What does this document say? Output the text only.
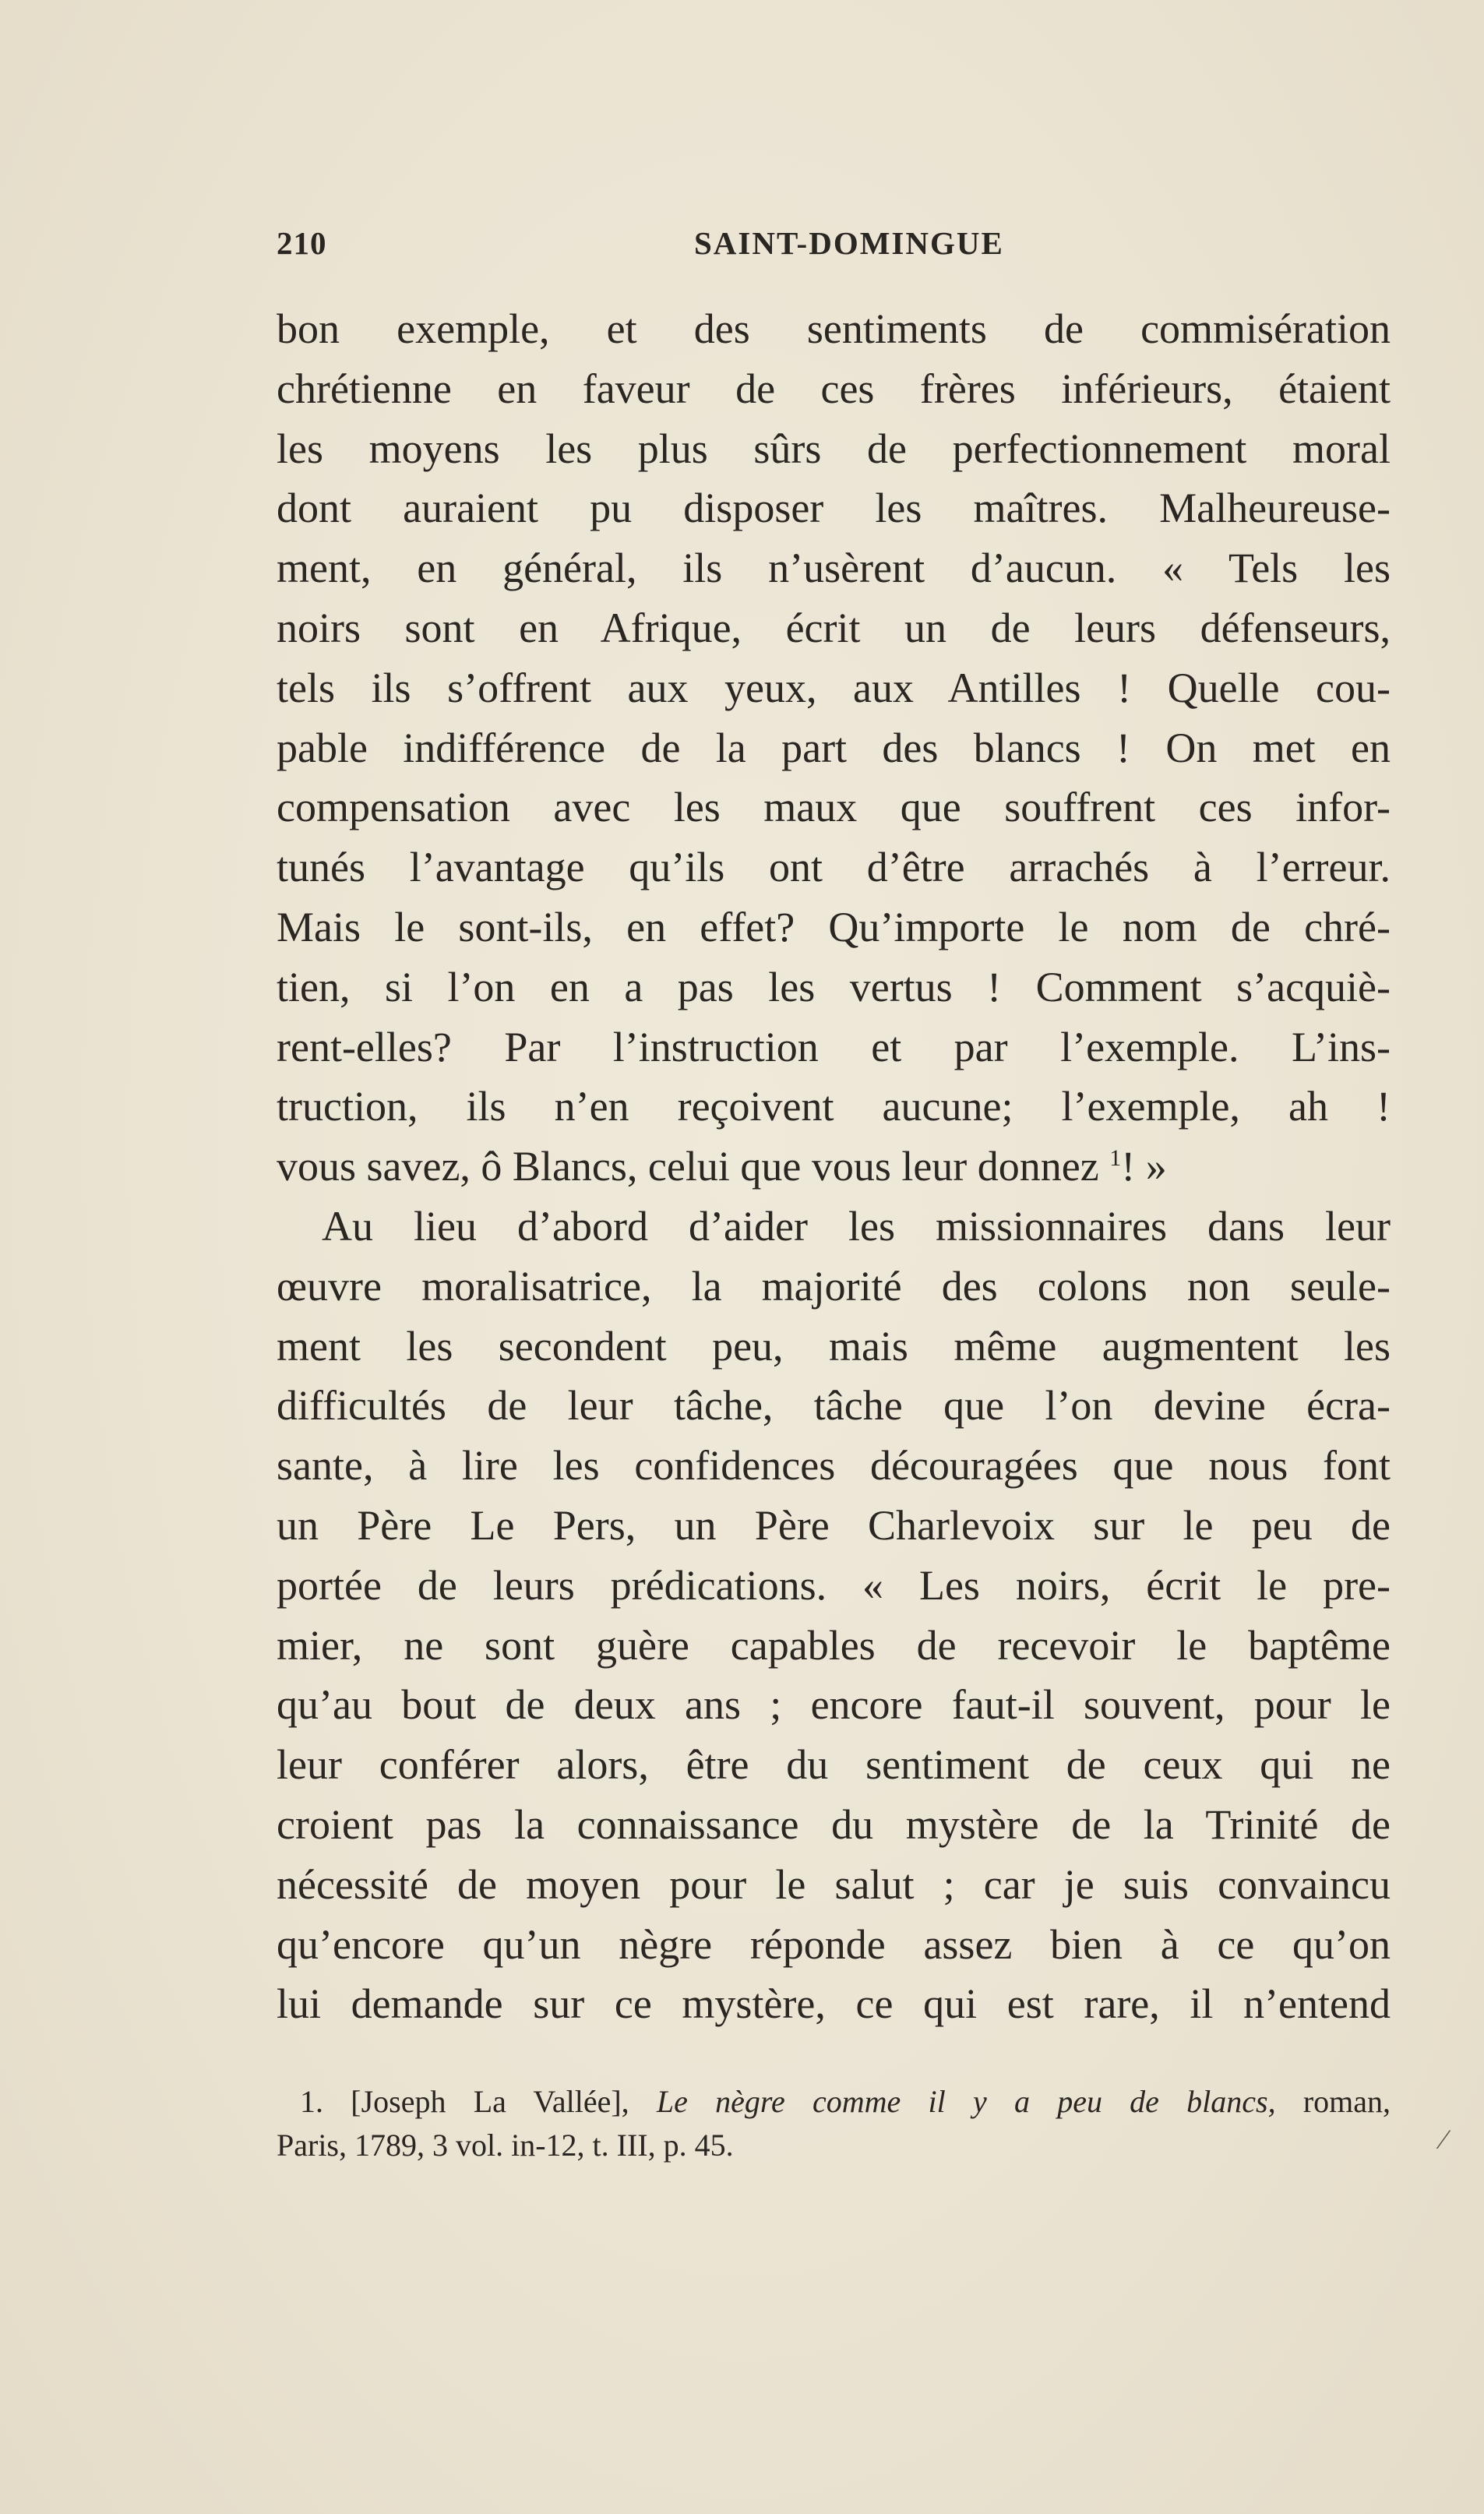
210	SAINT-DOMINGUE
bon exemple, et des sentiments de commisération
chrétienne en faveur de ces frères inférieurs, étaient
les moyens les plus sûrs de perfectionnement moral
dont auraient pu disposer les maîtres. Malheureuse-
ment, en général, ils n’usèrent d’aucun. « Tels les
noirs sont en Afrique, écrit un de leurs défenseurs,
tels ils s’offrent aux yeux, aux Antilles ! Quelle cou-
pable indifférence de la part des blancs ! On met en
compensation avec les maux que souffrent ces infor-
tunés l’avantage qu’ils ont d’être arrachés à l’erreur.
Mais le sont-ils, en effet? Qu’importe le nom de chré-
tien, si l’on en a pas les vertus ! Comment s’acquiè-
rent-elles? Par l’instruction et par l’exemple. L’ins-
truction, ils n’en reçoivent aucune; l’exemple, ah !
vous savez, ô Blancs, celui que vous leur donnez $^1$! »
Au lieu d’abord d’aider les missionnaires dans leur
œuvre moralisatrice, la majorité des colons non seule-
ment les secondent peu, mais même augmentent les
difficultés de leur tâche, tâche que l’on devine écra-
sante, à lire les confidences découragées que nous font
un Père Le Pers, un Père Charlevoix sur le peu de
portée de leurs prédications. « Les noirs, écrit le pre-
mier, ne sont guère capables de recevoir le baptême
qu’au bout de deux ans ; encore faut-il souvent, pour le
leur conférer alors, être du sentiment de ceux qui ne
croient pas la connaissance du mystère de la Trinité de
nécessité de moyen pour le salut ; car je suis convaincu
qu’encore qu’un nègre réponde assez bien à ce qu’on
lui demande sur ce mystère, ce qui est rare, il n’entend
1. [Joseph La Vallée], Le nègre comme il y a peu de blancs, roman,
Paris, 1789, 3 vol. in-12, t. III, p. 45.	⁄
